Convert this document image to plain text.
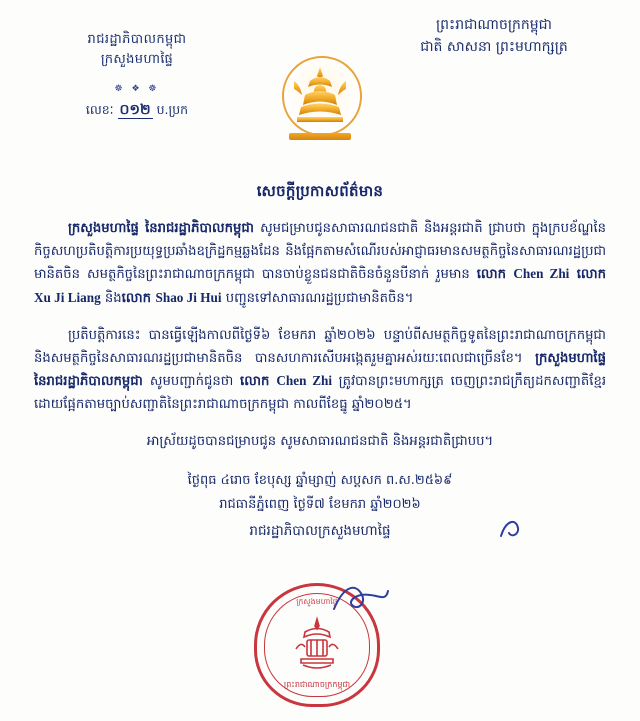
រាជរដ្ឋាភិបាលកម្ពុជា
ក្រសួងមហាផ្ទៃ
☸ ❖ ☸
លេខៈ ០១២ ប.ប្រក
ព្រះរាជាណាចក្រកម្ពុជា
ជាតិ សាសនា ព្រះមហាក្សត្រ
សេចក្ដីប្រកាសព័ត៌មាន

ក្រសួងមហាផ្ទៃ នៃរាជរដ្ឋាភិបាលកម្ពុជា សូមជម្រាបជូនសាធារណជនជាតិ និងអន្ដរជាតិ ជ្រាបថា ក្នុងក្របខ័ណ្ឌនៃកិច្ចសហប្រតិបត្តិការប្រយុទ្ធប្រឆាំងឧក្រិដ្ឋកម្មឆ្លងដែន និងផ្អែកតាមសំណើរបស់អាជ្ញាធរមានសមត្ថកិច្ចនៃសាធារណរដ្ឋប្រជាមានិតចិន សមត្ថកិច្ចនៃព្រះរាជាណាចក្រកម្ពុជា បានចាប់ខ្លួនជនជាតិចិនចំនួនបីនាក់ រួមមាន លោក Chen Zhi លោក Xu Ji Liang និងលោក Shao Ji Hui បញ្ជូនទៅសាធារណរដ្ឋប្រជាមានិតចិន។

ប្រតិបត្តិការនេះ បានធ្វើឡើងកាលពីថ្ងៃទី៦ ខែមករា ឆ្នាំ២០២៦ បន្ទាប់ពីសមត្ថកិច្ចទូតនៃព្រះរាជាណាចក្រកម្ពុជា និងសមត្ថកិច្ចនៃសាធារណរដ្ឋប្រជាមានិតចិន បានសហការសើបអង្កេតរួមគ្នាអស់រយៈពេលជាច្រើនខែ។ ក្រសួងមហាផ្ទៃ នៃរាជរដ្ឋាភិបាលកម្ពុជា សូមបញ្ជាក់ជូនថា លោក Chen Zhi ត្រូវបានព្រះមហាក្សត្រ ចេញព្រះរាជក្រឹត្យដកសញ្ជាតិខ្មែរ ដោយផ្អែកតាមច្បាប់សញ្ជាតិនៃព្រះរាជាណាចក្រកម្ពុជា កាលពីខែធ្នូ ឆ្នាំ២០២៥។

អាស្រ័យដូចបានជម្រាបជូន សូមសាធារណជនជាតិ និងអន្ដរជាតិជ្រាបប។

ថ្ងៃពុធ ៤រោច ខែបុស្ស ឆ្នាំម្សាញ់ សប្ដសក ព.ស.២៥៦៩
រាជធានីភ្នំពេញ ថ្ងៃទី៧ ខែមករា ឆ្នាំ២០២៦
រាជរដ្ឋាភិបាលក្រសួងមហាផ្ទៃ
ក្រសួងមហាផ្ទៃ
ព្រះរាជាណាចក្រកម្ពុជា
